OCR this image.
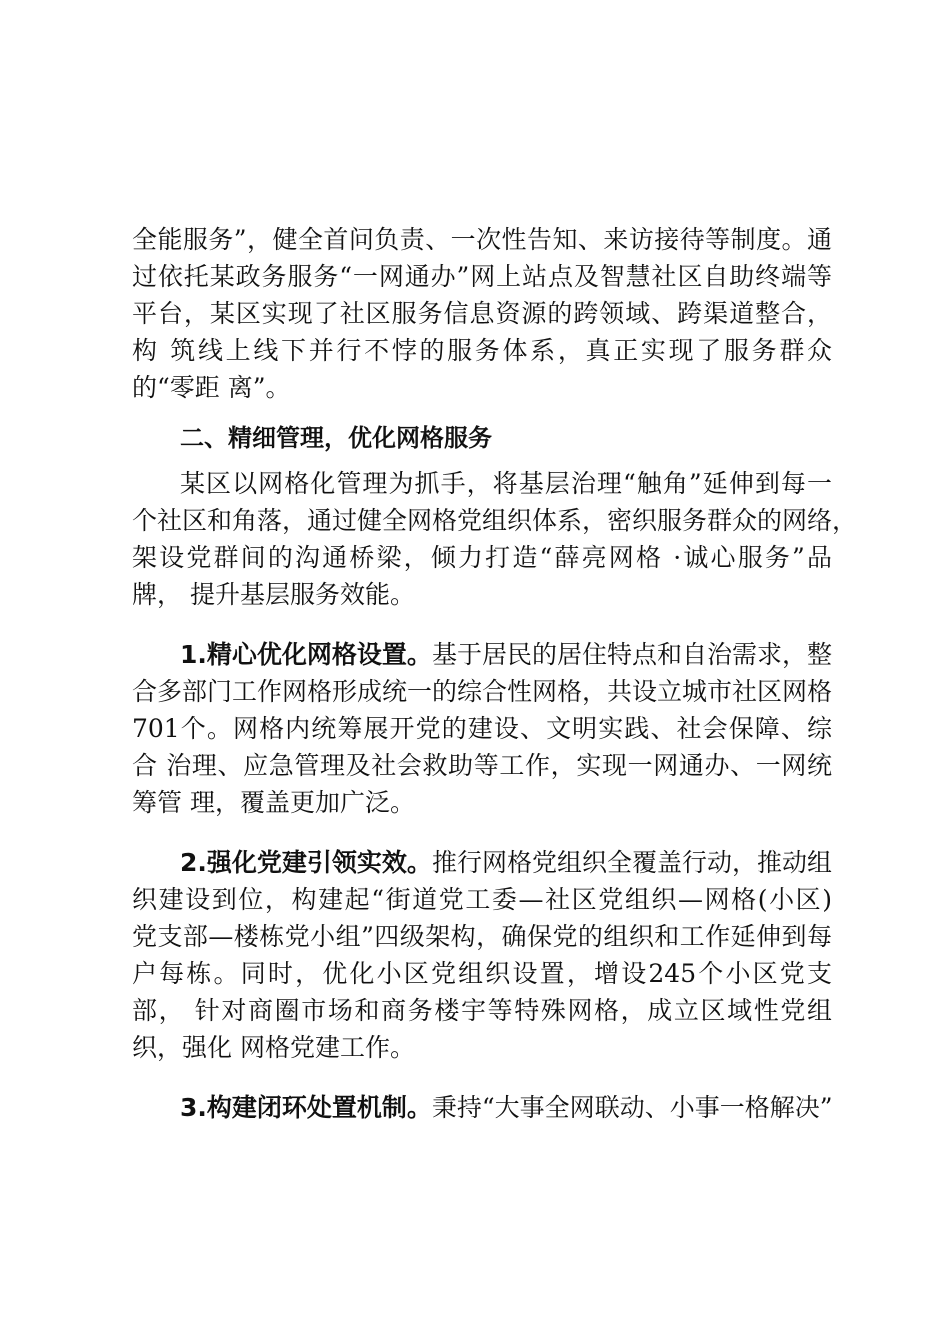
全能服务”，健全首问负责、一次性告知、来访接待等制度。通
过依托某政务服务“一网通办”网上站点及智慧社区自助终端等
平台，某区实现了社区服务信息资源的跨领域、跨渠道整合，
构 筑线上线下并行不悖的服务体系，真正实现了服务群众
的“零距 离”。
二、精细管理，优化网格服务
某区以网格化管理为抓手，将基层治理“触角”延伸到每一
个社区和角落，通过健全网格党组织体系，密织服务群众的网络，
架设党群间的沟通桥梁，倾力打造“薛亮网格 ·诚心服务”品
牌， 提升基层服务效能。
1.精心优化网格设置。基于居民的居住特点和自治需求，整
合多部门工作网格形成统一的综合性网格，共设立城市社区网格
701个。网格内统筹展开党的建设、文明实践、社会保障、综
合 治理、应急管理及社会救助等工作，实现一网通办、一网统
筹管 理，覆盖更加广泛。
2.强化党建引领实效。推行网格党组织全覆盖行动，推动组
织建设到位，构建起“街道党工委—社区党组织—网格(小区)
党支部—楼栋党小组”四级架构，确保党的组织和工作延伸到每
户每栋。同时，优化小区党组织设置，增设245个小区党支
部， 针对商圈市场和商务楼宇等特殊网格，成立区域性党组
织，强化 网格党建工作。
3.构建闭环处置机制。秉持“大事全网联动、小事一格解决”
